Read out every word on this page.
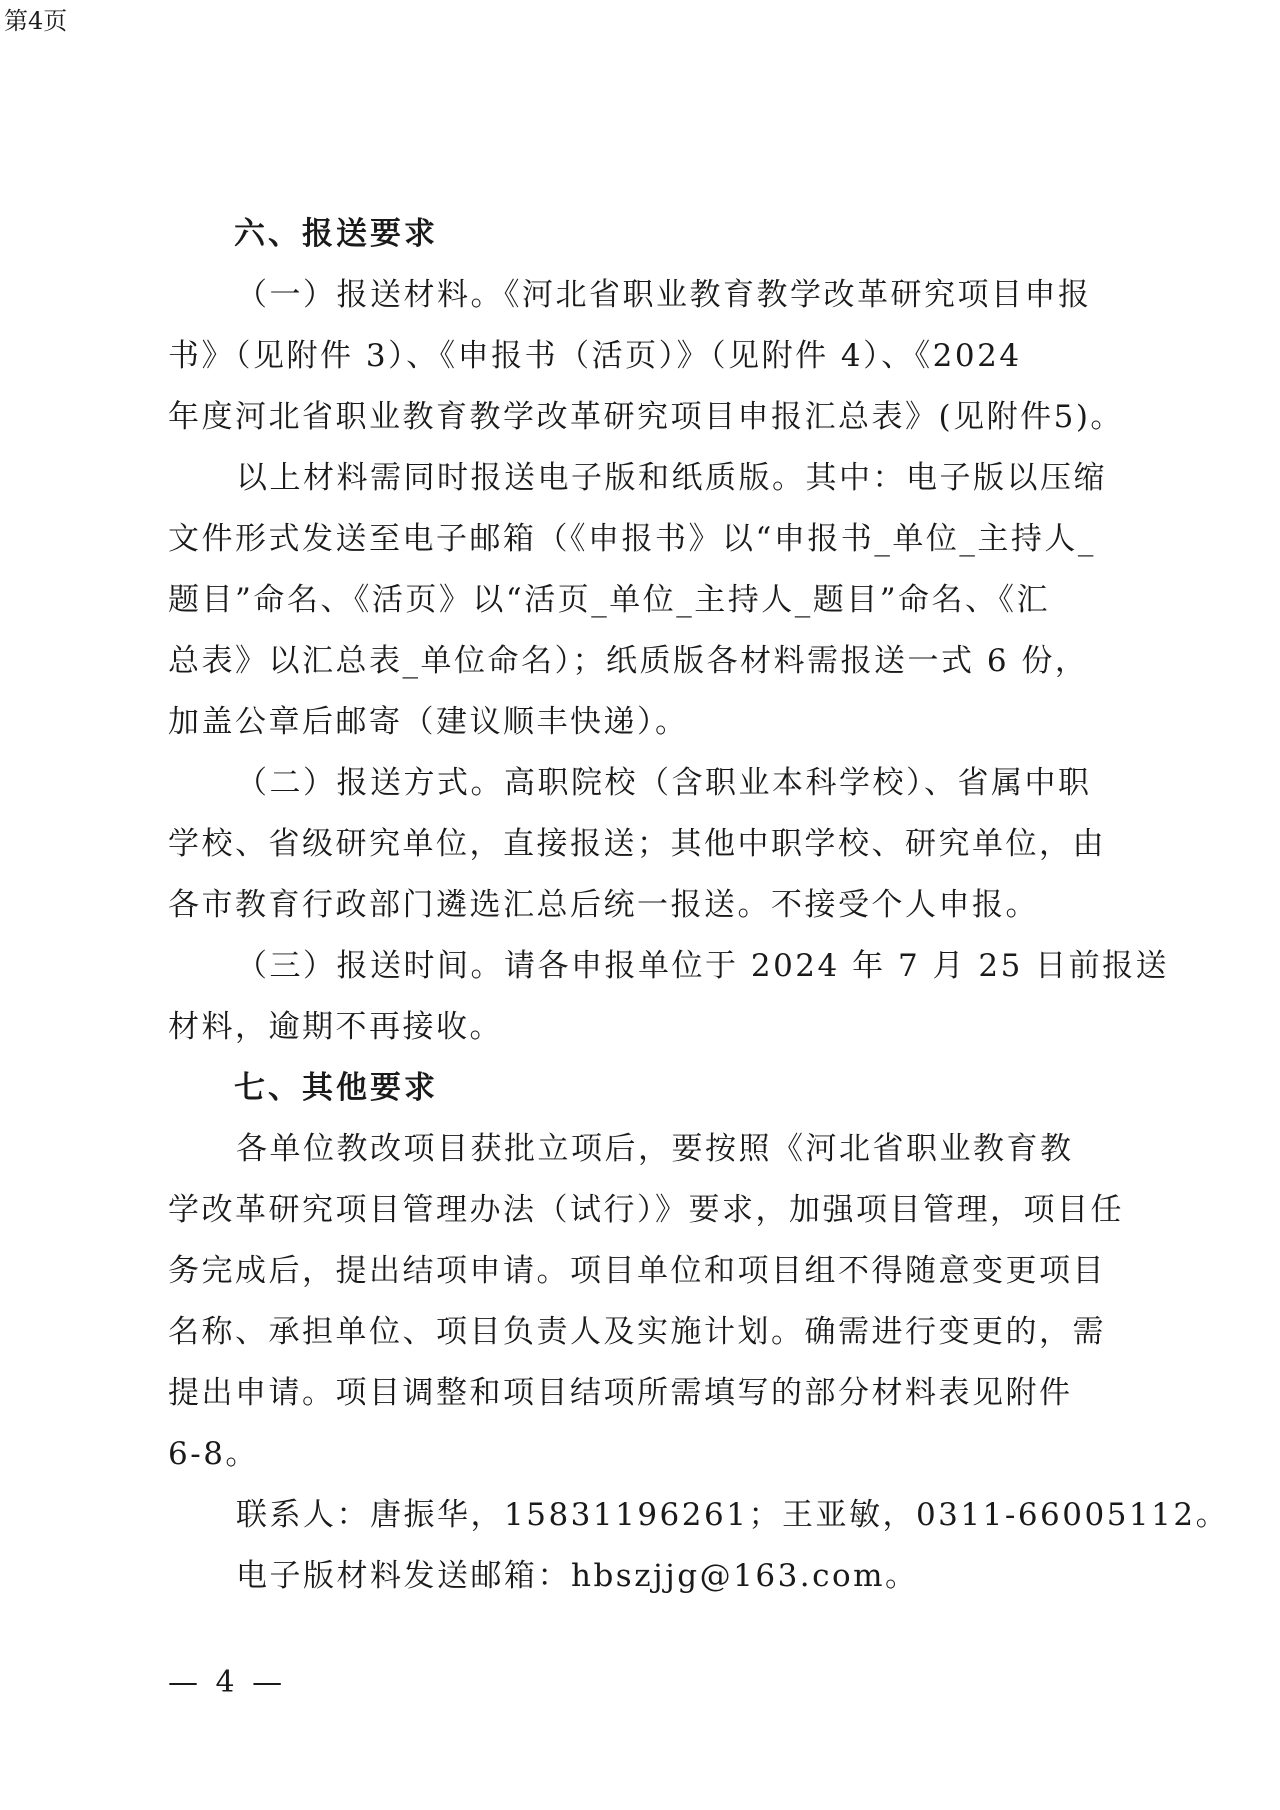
第4页
六、报送要求
（一）报送材料。《河北省职业教育教学改革研究项目申报
书》（见附件 3）、《申报书（活页）》（见附件 4）、《2024
年度河北省职业教育教学改革研究项目申报汇总表》(见附件5)。
以上材料需同时报送电子版和纸质版。其中：电子版以压缩
文件形式发送至电子邮箱（《申报书》以“申报书_单位_主持人_
题目”命名、《活页》以“活页_单位_主持人_题目”命名、《汇
总表》以汇总表_单位命名）；纸质版各材料需报送一式 6 份，
加盖公章后邮寄（建议顺丰快递）。
（二）报送方式。高职院校（含职业本科学校）、省属中职
学校、省级研究单位，直接报送；其他中职学校、研究单位，由
各市教育行政部门遴选汇总后统一报送。不接受个人申报。
（三）报送时间。请各申报单位于 2024 年 7 月 25 日前报送
材料，逾期不再接收。
七、其他要求
各单位教改项目获批立项后，要按照《河北省职业教育教
学改革研究项目管理办法（试行）》要求，加强项目管理，项目任
务完成后，提出结项申请。项目单位和项目组不得随意变更项目
名称、承担单位、项目负责人及实施计划。确需进行变更的，需
提出申请。项目调整和项目结项所需填写的部分材料表见附件
6-8。
联系人：唐振华，15831196261；王亚敏，0311-66005112。
电子版材料发送邮箱：hbszjjg@163.com。
— 4 —
